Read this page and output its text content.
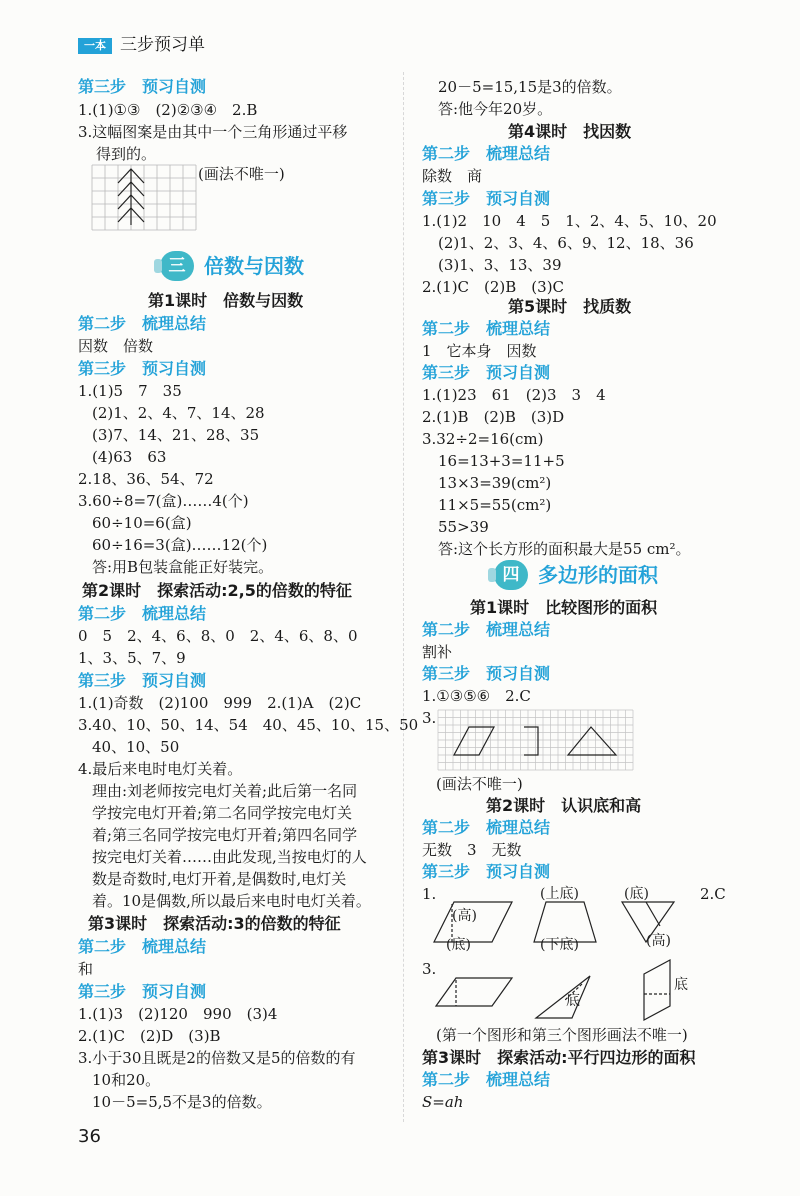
一本 三步预习单
第三步　预习自测
1.(1)①③　(2)②③④　2.B
3.这幅图案是由其中一个三角形通过平移
得到的。
(画法不唯一)
三 倍数与因数
第1课时　倍数与因数
第二步　梳理总结
因数　倍数
第三步　预习自测
1.(1)5　7　35
(2)1、2、4、7、14、28
(3)7、14、21、28、35
(4)63　63
2.18、36、54、72
3.60÷8=7(盒)……4(个)
60÷10=6(盒)
60÷16=3(盒)……12(个)
答:用B包装盒能正好装完。
第2课时　探索活动:2,5的倍数的特征
第二步　梳理总结
0　5　2、4、6、8、0　2、4、6、8、0
1、3、5、7、9
第三步　预习自测
1.(1)奇数　(2)100　999　2.(1)A　(2)C
3.40、10、50、14、54　40、45、10、15、50
40、10、50
4.最后来电时电灯关着。
理由:刘老师按完电灯关着;此后第一名同
学按完电灯开着;第二名同学按完电灯关
着;第三名同学按完电灯开着;第四名同学
按完电灯关着……由此发现,当按电灯的人
数是奇数时,电灯开着,是偶数时,电灯关
着。10是偶数,所以最后来电时电灯关着。
第3课时　探索活动:3的倍数的特征
第二步　梳理总结
和
第三步　预习自测
1.(1)3　(2)120　990　(3)4
2.(1)C　(2)D　(3)B
3.小于30且既是2的倍数又是5的倍数的有
10和20。
10－5=5,5不是3的倍数。
36
20－5=15,15是3的倍数。
答:他今年20岁。
第4课时　找因数
第二步　梳理总结
除数　商
第三步　预习自测
1.(1)2　10　4　5　1、2、4、5、10、20
(2)1、2、3、4、6、9、12、18、36
(3)1、3、13、39
2.(1)C　(2)B　(3)C
第5课时　找质数
第二步　梳理总结
1　它本身　因数
第三步　预习自测
1.(1)23　61　(2)3　3　4
2.(1)B　(2)B　(3)D
3.32÷2=16(cm)
16=13+3=11+5
13×3=39(cm²)
11×5=55(cm²)
55>39
答:这个长方形的面积最大是55 cm²。
四 多边形的面积
第1课时　比较图形的面积
第二步　梳理总结
割补
第三步　预习自测
1.①③⑤⑥　2.C
3.
(画法不唯一)
第2课时　认识底和高
第二步　梳理总结
无数　3　无数
第三步　预习自测
1.	2.C
(高)
(底)
(上底)
(下底)
(底)
(高)
3.
底
底
(第一个图形和第三个图形画法不唯一)
第3课时　探索活动:平行四边形的面积
第二步　梳理总结
S=ah
